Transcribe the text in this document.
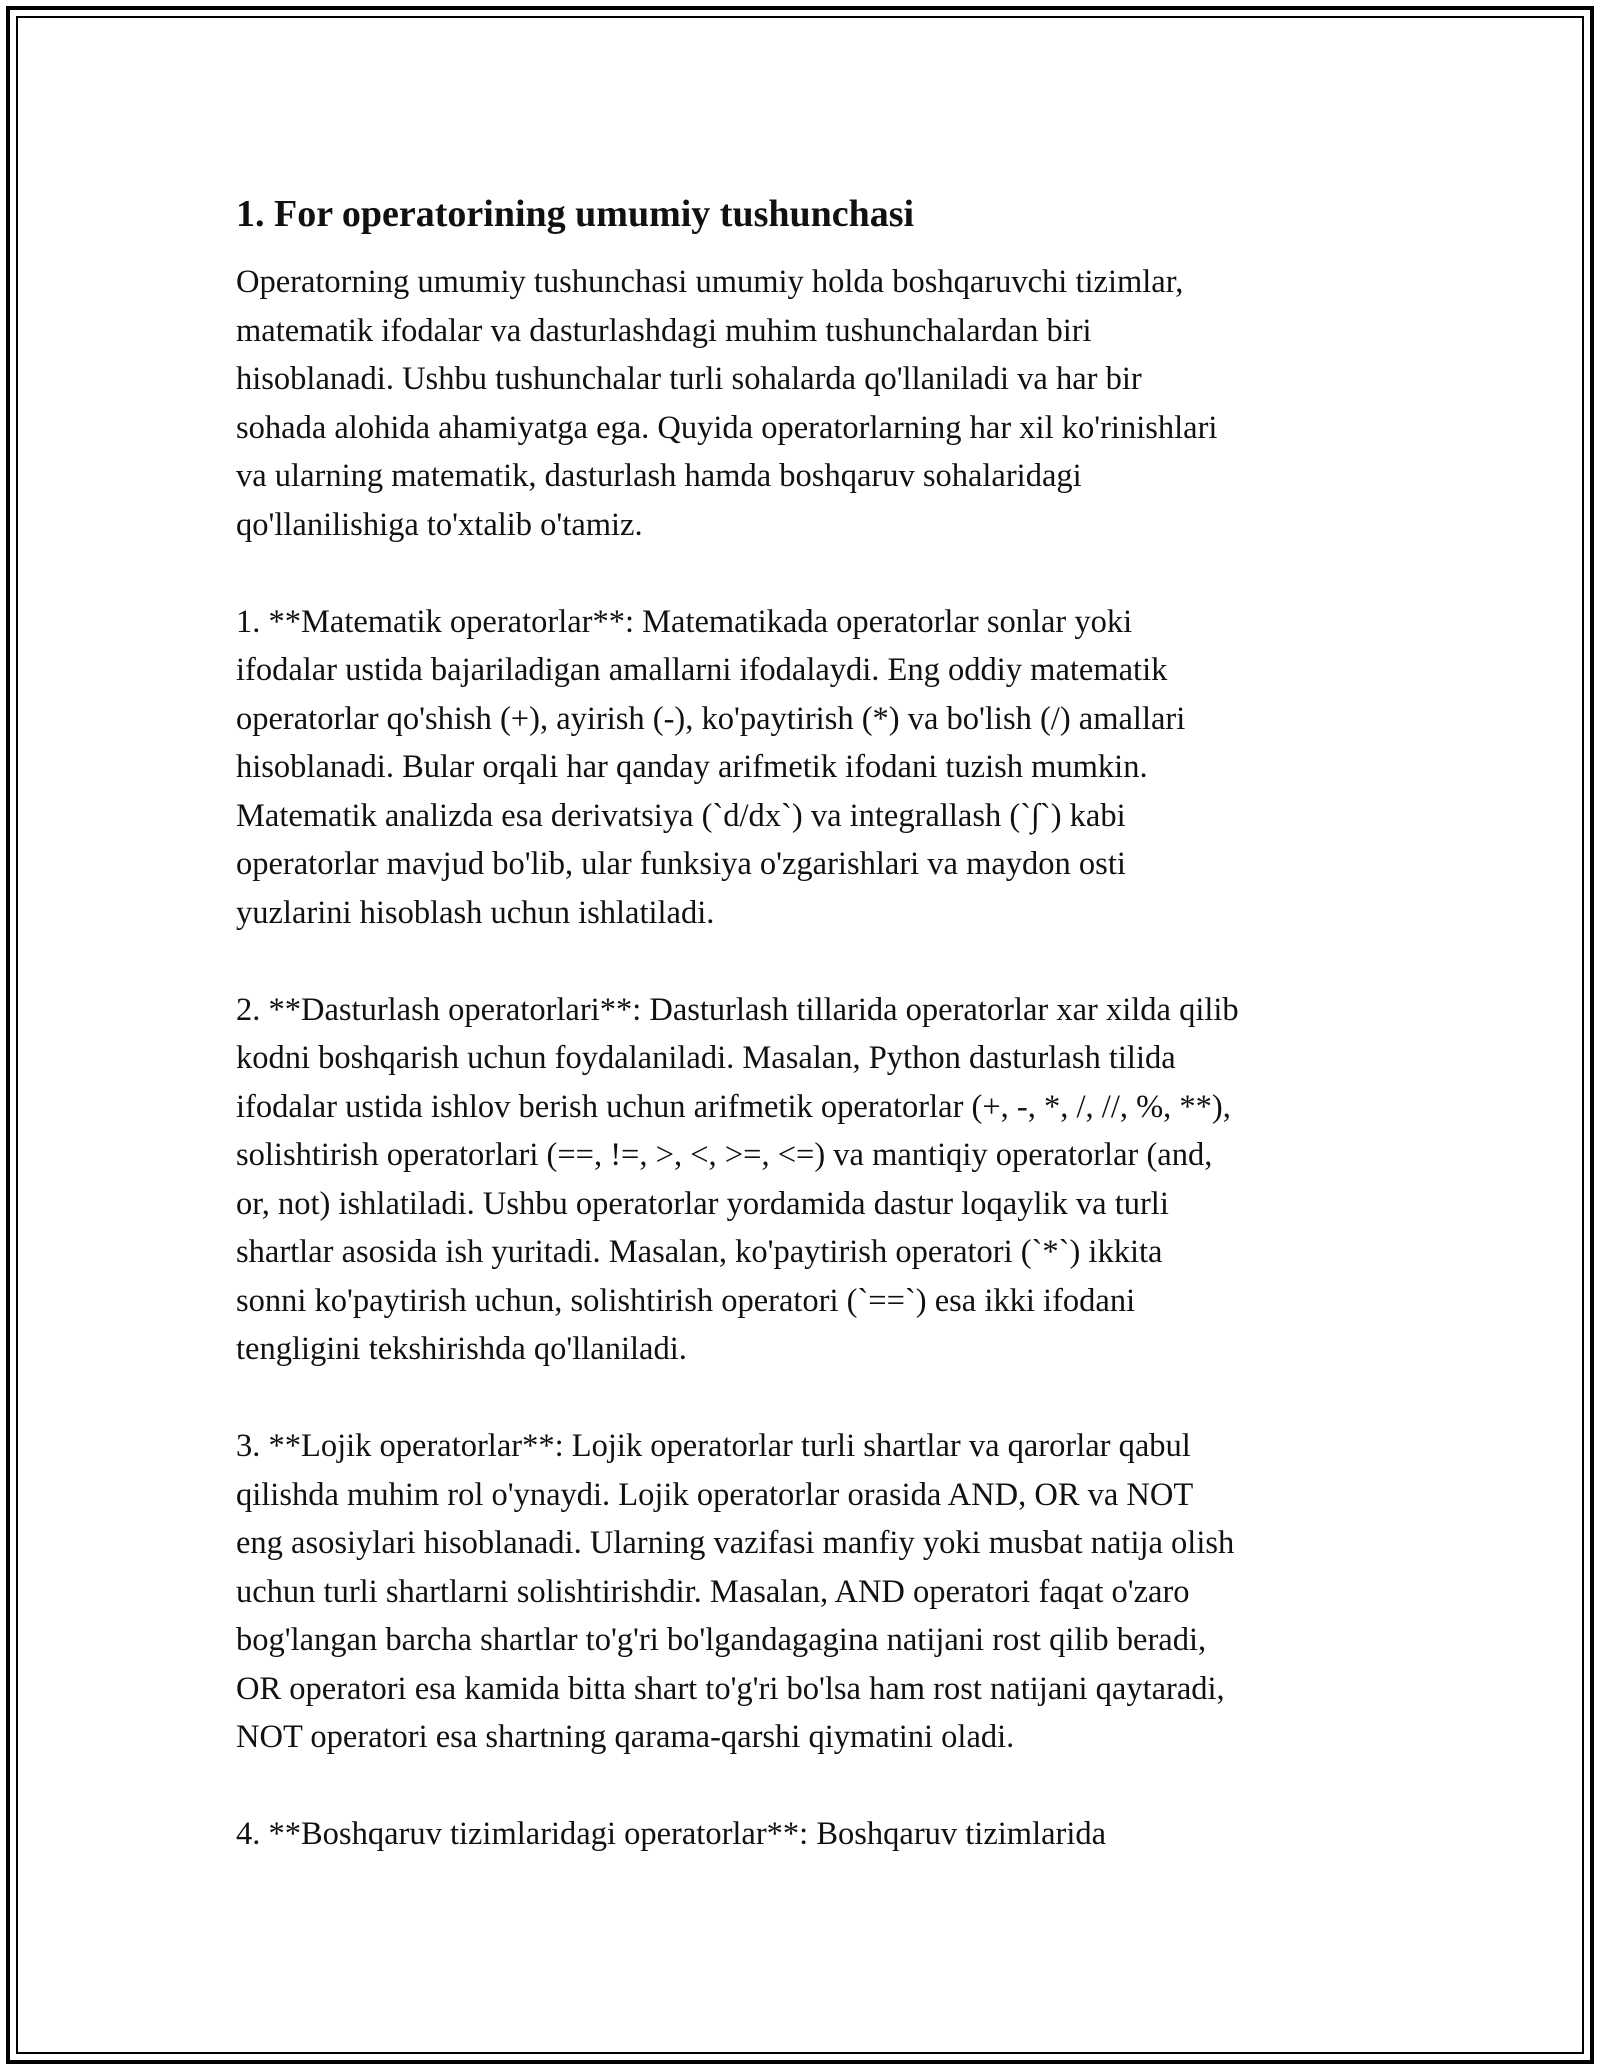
1. For operatorining umumiy tushunchasi
Operatorning umumiy tushunchasi umumiy holda boshqaruvchi tizimlar,
matematik ifodalar va dasturlashdagi muhim tushunchalardan biri
hisoblanadi. Ushbu tushunchalar turli sohalarda qo'llaniladi va har bir
sohada alohida ahamiyatga ega. Quyida operatorlarning har xil ko'rinishlari
va ularning matematik, dasturlash hamda boshqaruv sohalaridagi
qo'llanilishiga to'xtalib o'tamiz.
1. **Matematik operatorlar**: Matematikada operatorlar sonlar yoki
ifodalar ustida bajariladigan amallarni ifodalaydi. Eng oddiy matematik
operatorlar qo'shish (+), ayirish (-), ko'paytirish (*) va bo'lish (/) amallari
hisoblanadi. Bular orqali har qanday arifmetik ifodani tuzish mumkin.
Matematik analizda esa derivatsiya (`d/dx`) va integrallash (`∫`) kabi
operatorlar mavjud bo'lib, ular funksiya o'zgarishlari va maydon osti
yuzlarini hisoblash uchun ishlatiladi.
2. **Dasturlash operatorlari**: Dasturlash tillarida operatorlar xar xilda qilib
kodni boshqarish uchun foydalaniladi. Masalan, Python dasturlash tilida
ifodalar ustida ishlov berish uchun arifmetik operatorlar (+, -, *, /, //, %, **),
solishtirish operatorlari (==, !=, >, <, >=, <=) va mantiqiy operatorlar (and,
or, not) ishlatiladi. Ushbu operatorlar yordamida dastur loqaylik va turli
shartlar asosida ish yuritadi. Masalan, ko'paytirish operatori (`*`) ikkita
sonni ko'paytirish uchun, solishtirish operatori (`==`) esa ikki ifodani
tengligini tekshirishda qo'llaniladi.
3. **Lojik operatorlar**: Lojik operatorlar turli shartlar va qarorlar qabul
qilishda muhim rol o'ynaydi. Lojik operatorlar orasida AND, OR va NOT
eng asosiylari hisoblanadi. Ularning vazifasi manfiy yoki musbat natija olish
uchun turli shartlarni solishtirishdir. Masalan, AND operatori faqat o'zaro
bog'langan barcha shartlar to'g'ri bo'lgandagagina natijani rost qilib beradi,
OR operatori esa kamida bitta shart to'g'ri bo'lsa ham rost natijani qaytaradi,
NOT operatori esa shartning qarama-qarshi qiymatini oladi.
4. **Boshqaruv tizimlaridagi operatorlar**: Boshqaruv tizimlarida
